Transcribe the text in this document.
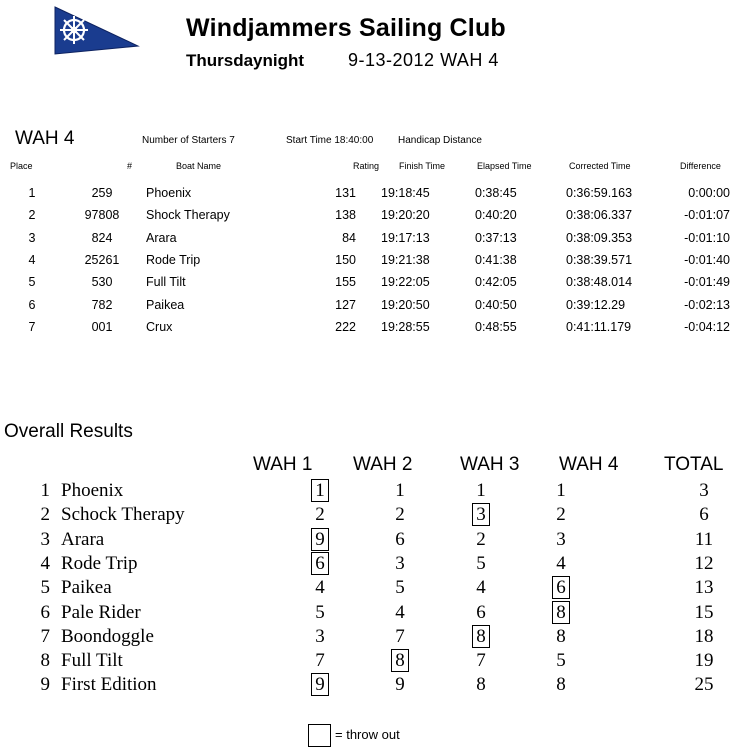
Windjammers Sailing Club
Thursdaynight 9-13-2012 WAH 4
WAH 4	Number of Starters 7	Start Time 18:40:00 Handicap Distance
Place	#	Boat Name	Rating Finish Time	Elapsed Time	Corrected Time	Difference
1	259	Phoenix	131 19:18:45	0:38:45	0:36:59.163	0:00:00
2	97808	Shock Therapy	138 19:20:20	0:40:20	0:38:06.337	-0:01:07
3	824	Arara	84 19:17:13	0:37:13	0:38:09.353	-0:01:10
4	25261	Rode Trip	150 19:21:38	0:41:38	0:38:39.571	-0:01:40
5	530	Full Tilt	155 19:22:05	0:42:05	0:38:48.014	-0:01:49
6	782	Paikea	127 19:20:50	0:40:50	0:39:12.29	-0:02:13
7	001	Crux	222 19:28:55	0:48:55	0:41:11.179	-0:04:12
Overall Results
WAH 1 WAH 2	WAH 3 WAH 4 TOTAL
1 Phoenix	1	1	1	1	3
2 Schock Therapy	2	2	3	2	6
3 Arara	9	6	2	3	11
4 Rode Trip	6	3	5	4	12
5 Paikea	4	5	4	6	13
6 Pale Rider	5	4	6	8	15
7 Boondoggle	3	7	8	8	18
8 Full Tilt	7	8	7	5	19
9 First Edition	9	9	8	8	25
= throw out
